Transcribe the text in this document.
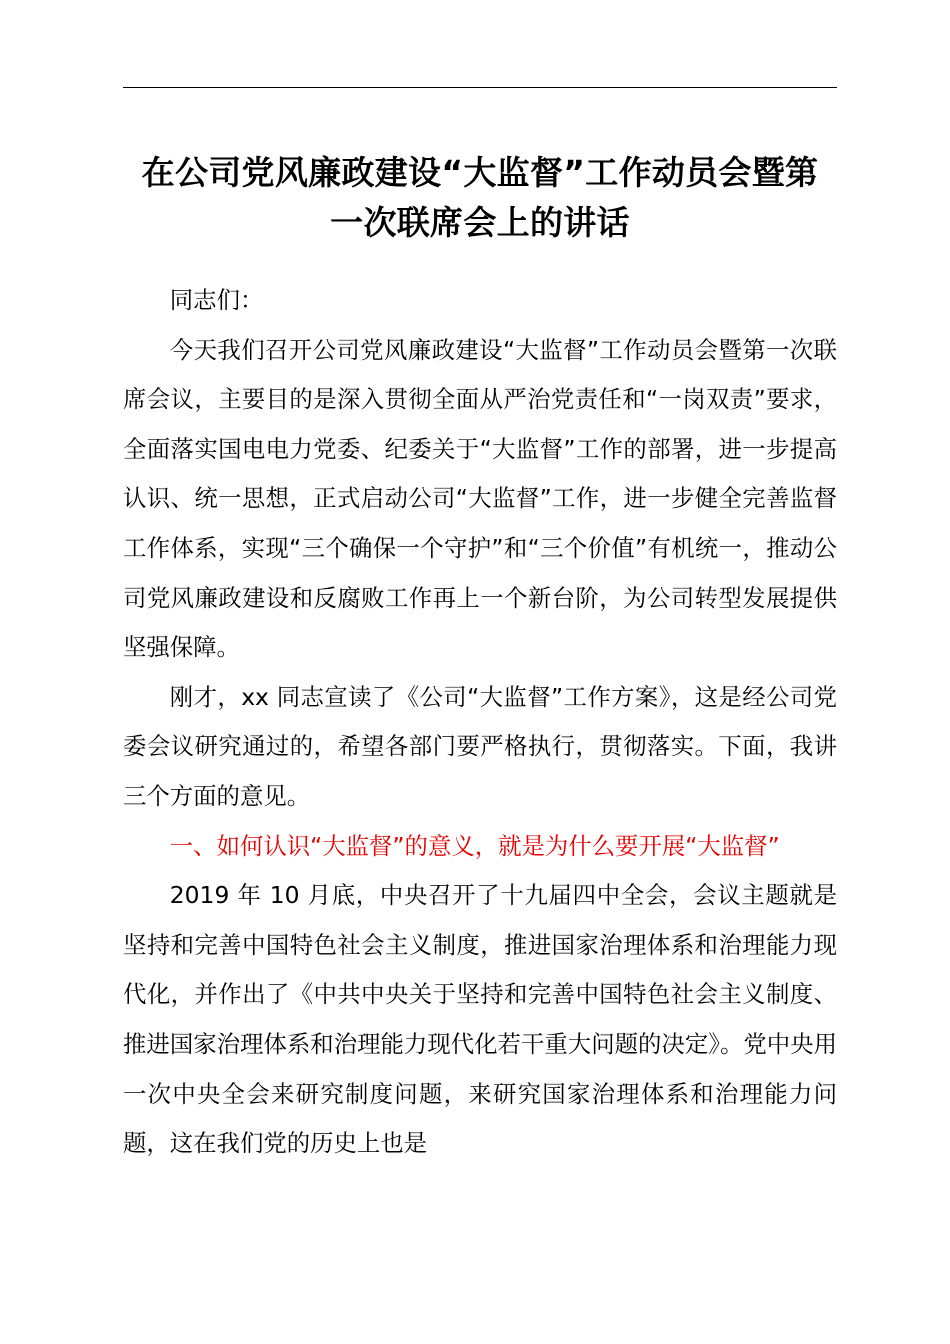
在公司党风廉政建设“大监督”工作动员会暨第
一次联席会上的讲话

同志们：

今天我们召开公司党风廉政建设“大监督”工作动员会暨第一次联席会议，主要目的是深入贯彻全面从严治党责任和“一岗双责”要求，全面落实国电电力党委、纪委关于“大监督”工作的部署，进一步提高认识、统一思想，正式启动公司“大监督”工作，进一步健全完善监督工作体系，实现“三个确保一个守护”和“三个价值”有机统一，推动公司党风廉政建设和反腐败工作再上一个新台阶，为公司转型发展提供坚强保障。

刚才，xx 同志宣读了《公司“大监督”工作方案》，这是经公司党委会议研究通过的，希望各部门要严格执行，贯彻落实。下面，我讲三个方面的意见。

一、如何认识“大监督”的意义，就是为什么要开展“大监督”

2019 年 10 月底，中央召开了十九届四中全会，会议主题就是坚持和完善中国特色社会主义制度，推进国家治理体系和治理能力现代化，并作出了《中共中央关于坚持和完善中国特色社会主义制度、推进国家治理体系和治理能力现代化若干重大问题的决定》。党中央用一次中央全会来研究制度问题，来研究国家治理体系和治理能力问题，这在我们党的历史上也是
